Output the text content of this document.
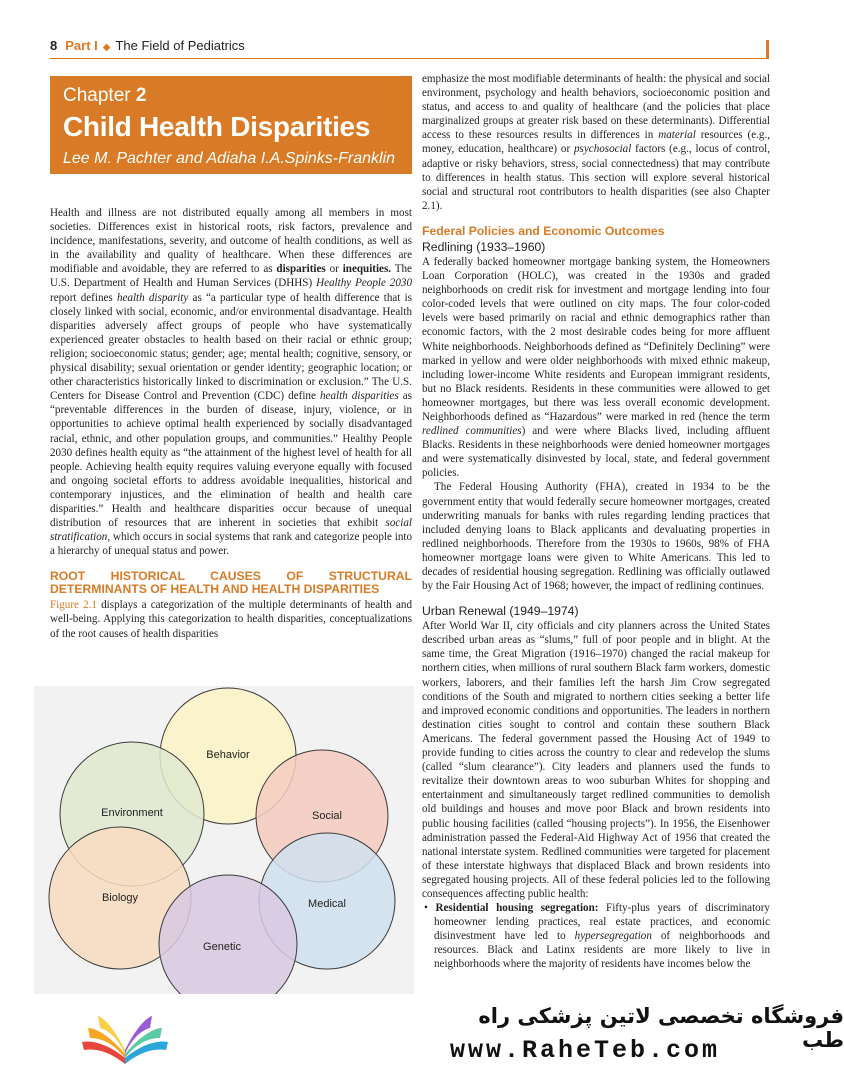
8 Part I ◆ The Field of Pediatrics
Chapter 2
Child Health Disparities
Lee M. Pachter and Adiaha I.A.Spinks-Franklin

Health and illness are not distributed equally among all members in most societies. Differences exist in historical roots, risk factors, prevalence and incidence, manifestations, severity, and outcome of health conditions, as well as in the availability and quality of healthcare. When these differences are modifiable and avoidable, they are referred to as disparities or inequities. The U.S. Department of Health and Human Services (DHHS) Healthy People 2030 report defines health disparity as “a particular type of health difference that is closely linked with social, economic, and/or environmental disadvantage. Health disparities adversely affect groups of people who have systematically experienced greater obstacles to health based on their racial or ethnic group; religion; socioeconomic status; gender; age; mental health; cognitive, sensory, or physical disability; sexual orientation or gender identity; geographic location; or other characteristics historically linked to discrimination or exclusion.” The U.S. Centers for Disease Control and Prevention (CDC) define health disparities as “preventable differences in the burden of disease, injury, violence, or in opportunities to achieve optimal health experienced by socially disadvantaged racial, ethnic, and other population groups, and communities.” Healthy People 2030 defines health equity as “the attainment of the highest level of health for all people. Achieving health equity requires valuing everyone equally with focused and ongoing societal efforts to address avoidable inequalities, historical and contemporary injustices, and the elimination of health and health care disparities.” Health and healthcare disparities occur because of unequal distribution of resources that are inherent in societies that exhibit social stratification, which occurs in social systems that rank and categorize people into a hierarchy of unequal status and power.

ROOT HISTORICAL CAUSES OF STRUCTURAL DETERMINANTS OF HEALTH AND HEALTH DISPARITIES

Figure 2.1 displays a categorization of the multiple determinants of health and well-being. Applying this categorization to health disparities, conceptualizations of the root causes of health disparities

Behavior
Environment	Social
Biology	Medical
Genetic

emphasize the most modifiable determinants of health: the physical and social environment, psychology and health behaviors, socioeconomic position and status, and access to and quality of healthcare (and the policies that place marginalized groups at greater risk based on these determinants). Differential access to these resources results in differences in material resources (e.g., money, education, healthcare) or psychosocial factors (e.g., locus of control, adaptive or risky behaviors, stress, social connectedness) that may contribute to differences in health status. This section will explore several historical social and structural root contributors to health disparities (see also Chapter 2.1).

Federal Policies and Economic Outcomes
Redlining (1933–1960)

A federally backed homeowner mortgage banking system, the Homeowners Loan Corporation (HOLC), was created in the 1930s and graded neighborhoods on credit risk for investment and mortgage lending into four color-coded levels that were outlined on city maps. The four color-coded levels were based primarily on racial and ethnic demographics rather than economic factors, with the 2 most desirable codes being for more affluent White neighborhoods. Neighborhoods defined as “Definitely Declining” were marked in yellow and were older neighborhoods with mixed ethnic makeup, including lower-income White residents and European immigrant residents, but no Black residents. Residents in these communities were allowed to get homeowner mortgages, but there was less overall economic development. Neighborhoods defined as “Hazardous” were marked in red (hence the term redlined communities) and were where Blacks lived, including affluent Blacks. Residents in these neighborhoods were denied homeowner mortgages and were systematically disinvested by local, state, and federal government policies.

The Federal Housing Authority (FHA), created in 1934 to be the government entity that would federally secure homeowner mortgages, created underwriting manuals for banks with rules regarding lending practices that included denying loans to Black applicants and devaluating properties in redlined neighborhoods. Therefore from the 1930s to 1960s, 98% of FHA homeowner mortgage loans were given to White Americans. This led to decades of residential housing segregation. Redlining was officially outlawed by the Fair Housing Act of 1968; however, the impact of redlining continues.

Urban Renewal (1949–1974)

After World War II, city officials and city planners across the United States described urban areas as “slums,” full of poor people and in blight. At the same time, the Great Migration (1916–1970) changed the racial makeup for northern cities, when millions of rural southern Black farm workers, domestic workers, laborers, and their families left the harsh Jim Crow segregated conditions of the South and migrated to northern cities seeking a better life and improved economic conditions and opportunities. The leaders in northern destination cities sought to control and contain these southern Black Americans. The federal government passed the Housing Act of 1949 to provide funding to cities across the country to clear and redevelop the slums (called “slum clearance”). City leaders and planners used the funds to revitalize their downtown areas to woo suburban Whites for shopping and entertainment and simultaneously target redlined communities to demolish old buildings and houses and move poor Black and brown residents into public housing facilities (called “housing projects”). In 1956, the Eisenhower administration passed the Federal-Aid Highway Act of 1956 that created the national interstate system. Redlined communities were targeted for placement of these interstate highways that displaced Black and brown residents into segregated housing projects. All of these federal policies led to the following consequences affecting public health:

• Residential housing segregation: Fifty-plus years of discriminatory homeowner lending practices, real estate practices, and economic disinvestment have led to hypersegregation of neighborhoods and resources. Black and Latinx residents are more likely to live in neighborhoods where the majority of residents have incomes below the

فروشگاه تخصصی لاتین پزشکی راه طب
www.RaheTeb.com
